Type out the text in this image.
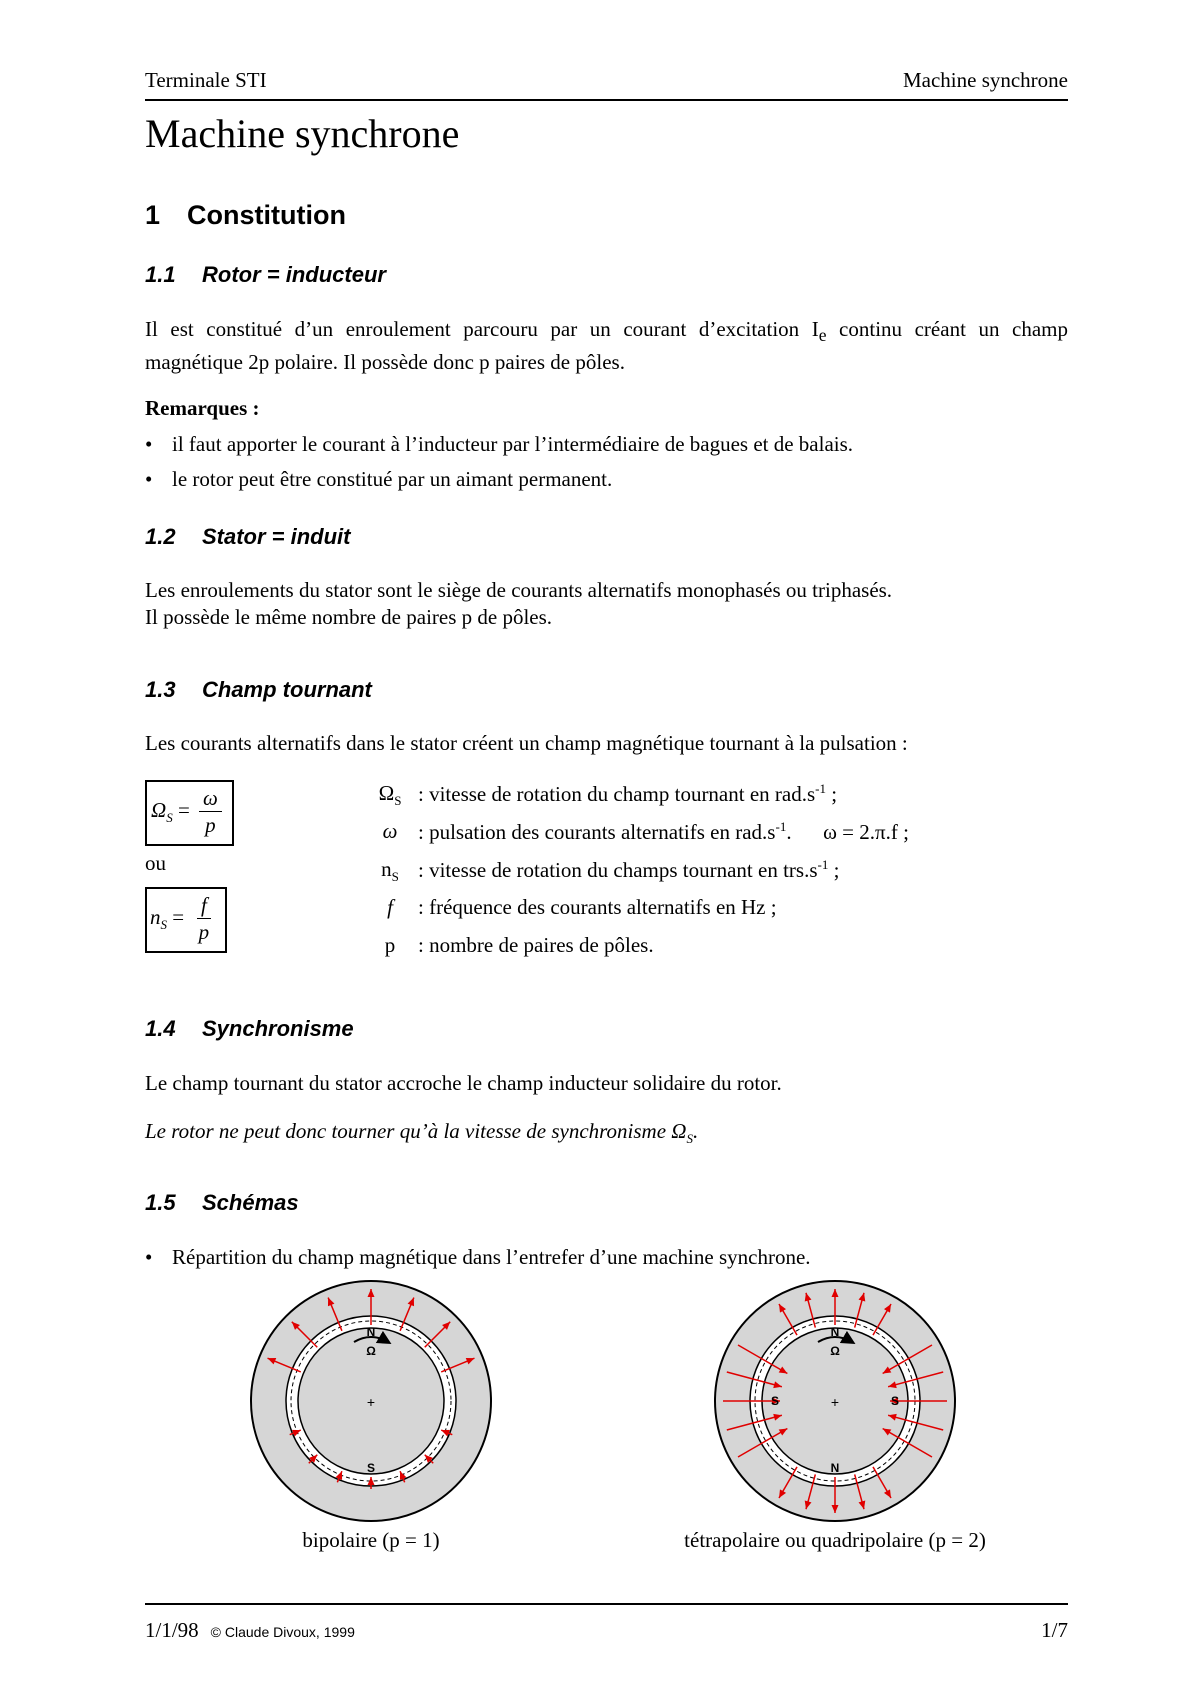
Terminale STI	Machine synchrone
Machine synchrone
1 Constitution
1.1 Rotor = inducteur
Il est constitué d’un enroulement parcouru par un courant d’excitation $I_e$ continu créant un champ magnétique 2p polaire. Il possède donc p paires de pôles.
Remarques :
• il faut apporter le courant à l’inducteur par l’intermédiaire de bagues et de balais.
• le rotor peut être constitué par un aimant permanent.
1.2 Stator = induit
Les enroulements du stator sont le siège de courants alternatifs monophasés ou triphasés.
Il possède le même nombre de paires p de pôles.
1.3 Champ tournant
Les courants alternatifs dans le stator créent un champ magnétique tournant à la pulsation :
$\Omega_S = \frac{\omega}{p}$
ou
$n_S = \frac{f}{p}$
$\Omega_S$ : vitesse de rotation du champ tournant en $rad.s^{-1}$ ;
ω : pulsation des courants alternatifs en $rad.s^{-1}$.      ω = 2.π.f ;
$n_S$ : vitesse de rotation du champs tournant en $trs.s^{-1}$ ;
f	: fréquence des courants alternatifs en Hz ;
p	: nombre de paires de pôles.
1.4 Synchronisme
Le champ tournant du stator accroche le champ inducteur solidaire du rotor.
Le rotor ne peut donc tourner qu’à la vitesse de synchronisme $\Omega_S$.
1.5 Schémas
• Répartition du champ magnétique dans l’entrefer d’une machine synchrone.
N
Ω
+
S
N
Ω
+
S	S
N
bipolaire (p = 1)	tétrapolaire ou quadripolaire (p = 2)
1/1/98 © Claude Divoux, 1999	1/7
